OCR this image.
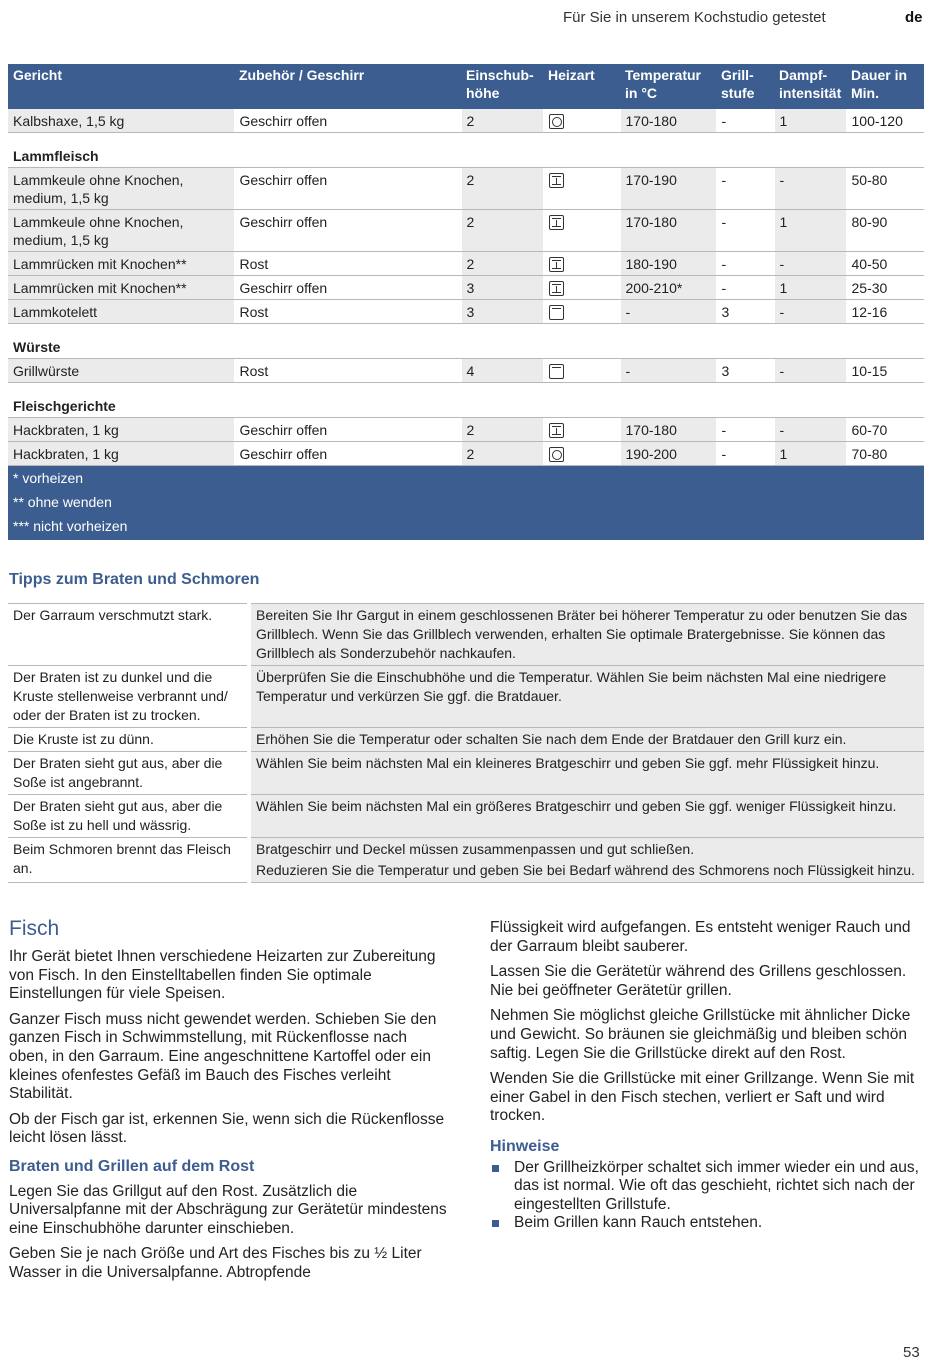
Für Sie in unserem Kochstudio getestet	de
Gericht	Zubehör / Geschirr	Einschub- höhe	Heizart	Temperatur in °C	Grill- stufe	Dampf- intensität	Dauer in Min.
Kalbshaxe, 1,5 kg	Geschirr offen	2		170-180	-	1	100-120
Lammfleisch							
Lammkeule ohne Knochen, medium, 1,5 kg	Geschirr offen	2		170-190	-	-	50-80
Lammkeule ohne Knochen, medium, 1,5 kg	Geschirr offen	2		170-180	-	1	80-90
Lammrücken mit Knochen**	Rost	2		180-190	-	-	40-50
Lammrücken mit Knochen**	Geschirr offen	3		200-210*	-	1	25-30
Lammkotelett	Rost	3		-	3	-	12-16
Würste							
Grillwürste	Rost	4		-	3	-	10-15
Fleischgerichte							
Hackbraten, 1 kg	Geschirr offen	2		170-180	-	-	60-70
Hackbraten, 1 kg	Geschirr offen	2		190-200	-	1	70-80
* vorheizen							
** ohne wenden							
*** nicht vorheizen							
Tipps zum Braten und Schmoren
Der Garraum verschmutzt stark.	Bereiten Sie Ihr Gargut in einem geschlossenen Bräter bei höherer Temperatur zu oder benutzen Sie das Grillblech. Wenn Sie das Grillblech verwenden, erhalten Sie optimale Bratergebnisse. Sie können das Grillblech als Sonderzubehör nachkaufen.

Der Braten ist zu dunkel und die Kruste stellenweise verbrannt und/ oder der Braten ist zu trocken.	Überprüfen Sie die Einschubhöhe und die Temperatur. Wählen Sie beim nächsten Mal eine niedrigere Temperatur und verkürzen Sie ggf. die Bratdauer.

Die Kruste ist zu dünn.	Erhöhen Sie die Temperatur oder schalten Sie nach dem Ende der Bratdauer den Grill kurz ein.

Der Braten sieht gut aus, aber die Soße ist angebrannt.	Wählen Sie beim nächsten Mal ein kleineres Bratgeschirr und geben Sie ggf. mehr Flüssigkeit hinzu.

Der Braten sieht gut aus, aber die Soße ist zu hell und wässrig.	Wählen Sie beim nächsten Mal ein größeres Bratgeschirr und geben Sie ggf. weniger Flüssigkeit hinzu.

Beim Schmoren brennt das Fleisch an.	Bratgeschirr und Deckel müssen zusammenpassen und gut schließen.
Reduzieren Sie die Temperatur und geben Sie bei Bedarf während des Schmorens noch Flüssigkeit hinzu.
Fisch

Ihr Gerät bietet Ihnen verschiedene Heizarten zur Zubereitung von Fisch. In den Einstelltabellen finden Sie optimale Einstellungen für viele Speisen.

Ganzer Fisch muss nicht gewendet werden. Schieben Sie den ganzen Fisch in Schwimmstellung, mit Rückenflosse nach oben, in den Garraum. Eine angeschnittene Kartoffel oder ein kleines ofenfestes Gefäß im Bauch des Fisches verleiht Stabilität.

Ob der Fisch gar ist, erkennen Sie, wenn sich die Rückenflosse leicht lösen lässt.

Braten und Grillen auf dem Rost

Legen Sie das Grillgut auf den Rost. Zusätzlich die Universalpfanne mit der Abschrägung zur Gerätetür mindestens eine Einschubhöhe darunter einschieben.

Geben Sie je nach Größe und Art des Fisches bis zu ½ Liter Wasser in die Universalpfanne. Abtropfende

Flüssigkeit wird aufgefangen. Es entsteht weniger Rauch und der Garraum bleibt sauberer.

Lassen Sie die Gerätetür während des Grillens geschlossen. Nie bei geöffneter Gerätetür grillen.

Nehmen Sie möglichst gleiche Grillstücke mit ähnlicher Dicke und Gewicht. So bräunen sie gleichmäßig und bleiben schön saftig. Legen Sie die Grillstücke direkt auf den Rost.

Wenden Sie die Grillstücke mit einer Grillzange. Wenn Sie mit einer Gabel in den Fisch stechen, verliert er Saft und wird trocken.

Hinweise
Der Grillheizkörper schaltet sich immer wieder ein und aus, das ist normal. Wie oft das geschieht, richtet sich nach der eingestellten Grillstufe.
Beim Grillen kann Rauch entstehen.
53
